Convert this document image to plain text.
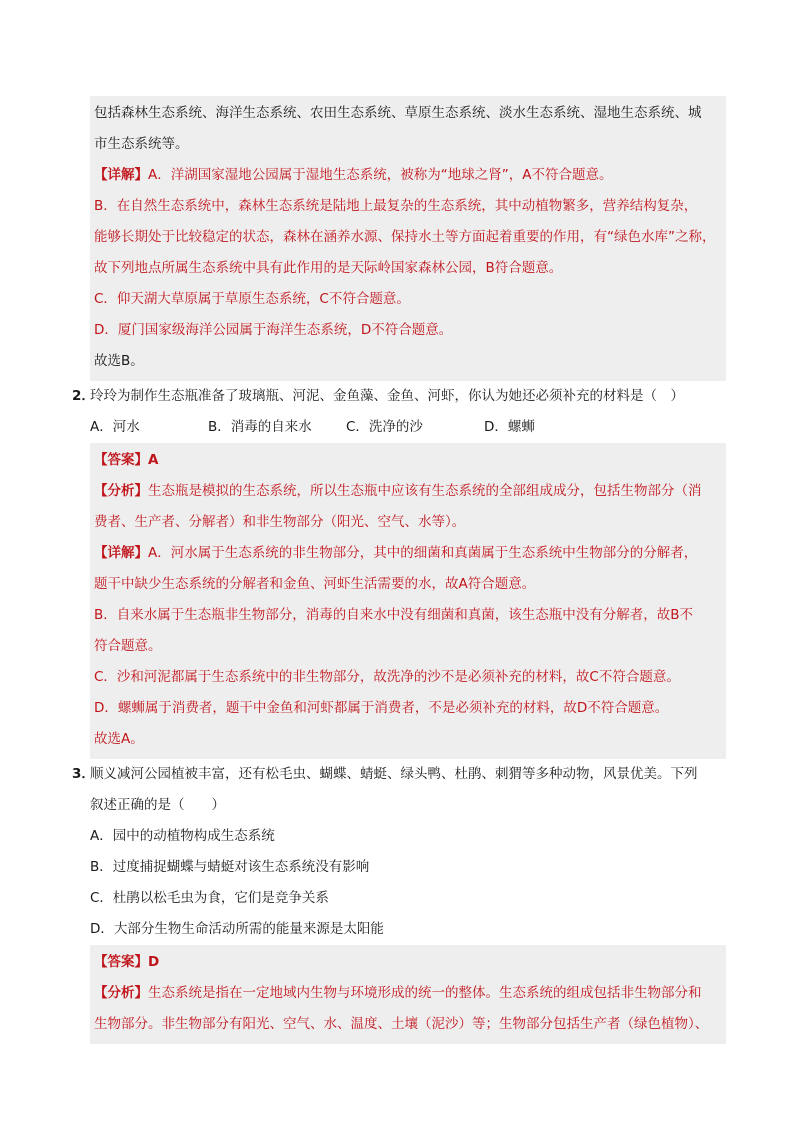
包括森林生态系统、海洋生态系统、农田生态系统、草原生态系统、淡水生态系统、湿地生态系统、城
市生态系统等。
【详解】A．洋湖国家湿地公园属于湿地生态系统，被称为“地球之肾”，A不符合题意。
B．在自然生态系统中，森林生态系统是陆地上最复杂的生态系统，其中动植物繁多，营养结构复杂，
能够长期处于比较稳定的状态，森林在涵养水源、保持水土等方面起着重要的作用，有“绿色水库”之称，
故下列地点所属生态系统中具有此作用的是天际岭国家森林公园，B符合题意。
C．仰天湖大草原属于草原生态系统，C不符合题意。
D．厦门国家级海洋公园属于海洋生态系统，D不符合题意。
故选B。
2．玲玲为制作生态瓶准备了玻璃瓶、河泥、金鱼藻、金鱼、河虾，你认为她还必须补充的材料是（　）
A．河水	B．消毒的自来水	C．洗净的沙	D．螺蛳
【答案】A
【分析】生态瓶是模拟的生态系统，所以生态瓶中应该有生态系统的全部组成成分，包括生物部分（消
费者、生产者、分解者）和非生物部分（阳光、空气、水等）。
【详解】A．河水属于生态系统的非生物部分，其中的细菌和真菌属于生态系统中生物部分的分解者，
题干中缺少生态系统的分解者和金鱼、河虾生活需要的水，故A符合题意。
B．自来水属于生态瓶非生物部分，消毒的自来水中没有细菌和真菌，该生态瓶中没有分解者，故B不
符合题意。
C．沙和河泥都属于生态系统中的非生物部分，故洗净的沙不是必须补充的材料，故C不符合题意。
D．螺蛳属于消费者，题干中金鱼和河虾都属于消费者，不是必须补充的材料，故D不符合题意。
故选A。
3．顺义减河公园植被丰富，还有松毛虫、蝴蝶、蜻蜓、绿头鸭、杜鹃、刺猬等多种动物，风景优美。下列
叙述正确的是（　　）
A．园中的动植物构成生态系统
B．过度捕捉蝴蝶与蜻蜓对该生态系统没有影响
C．杜鹃以松毛虫为食，它们是竞争关系
D．大部分生物生命活动所需的能量来源是太阳能
【答案】D
【分析】生态系统是指在一定地域内生物与环境形成的统一的整体。生态系统的组成包括非生物部分和
生物部分。非生物部分有阳光、空气、水、温度、土壤（泥沙）等；生物部分包括生产者（绿色植物）、
